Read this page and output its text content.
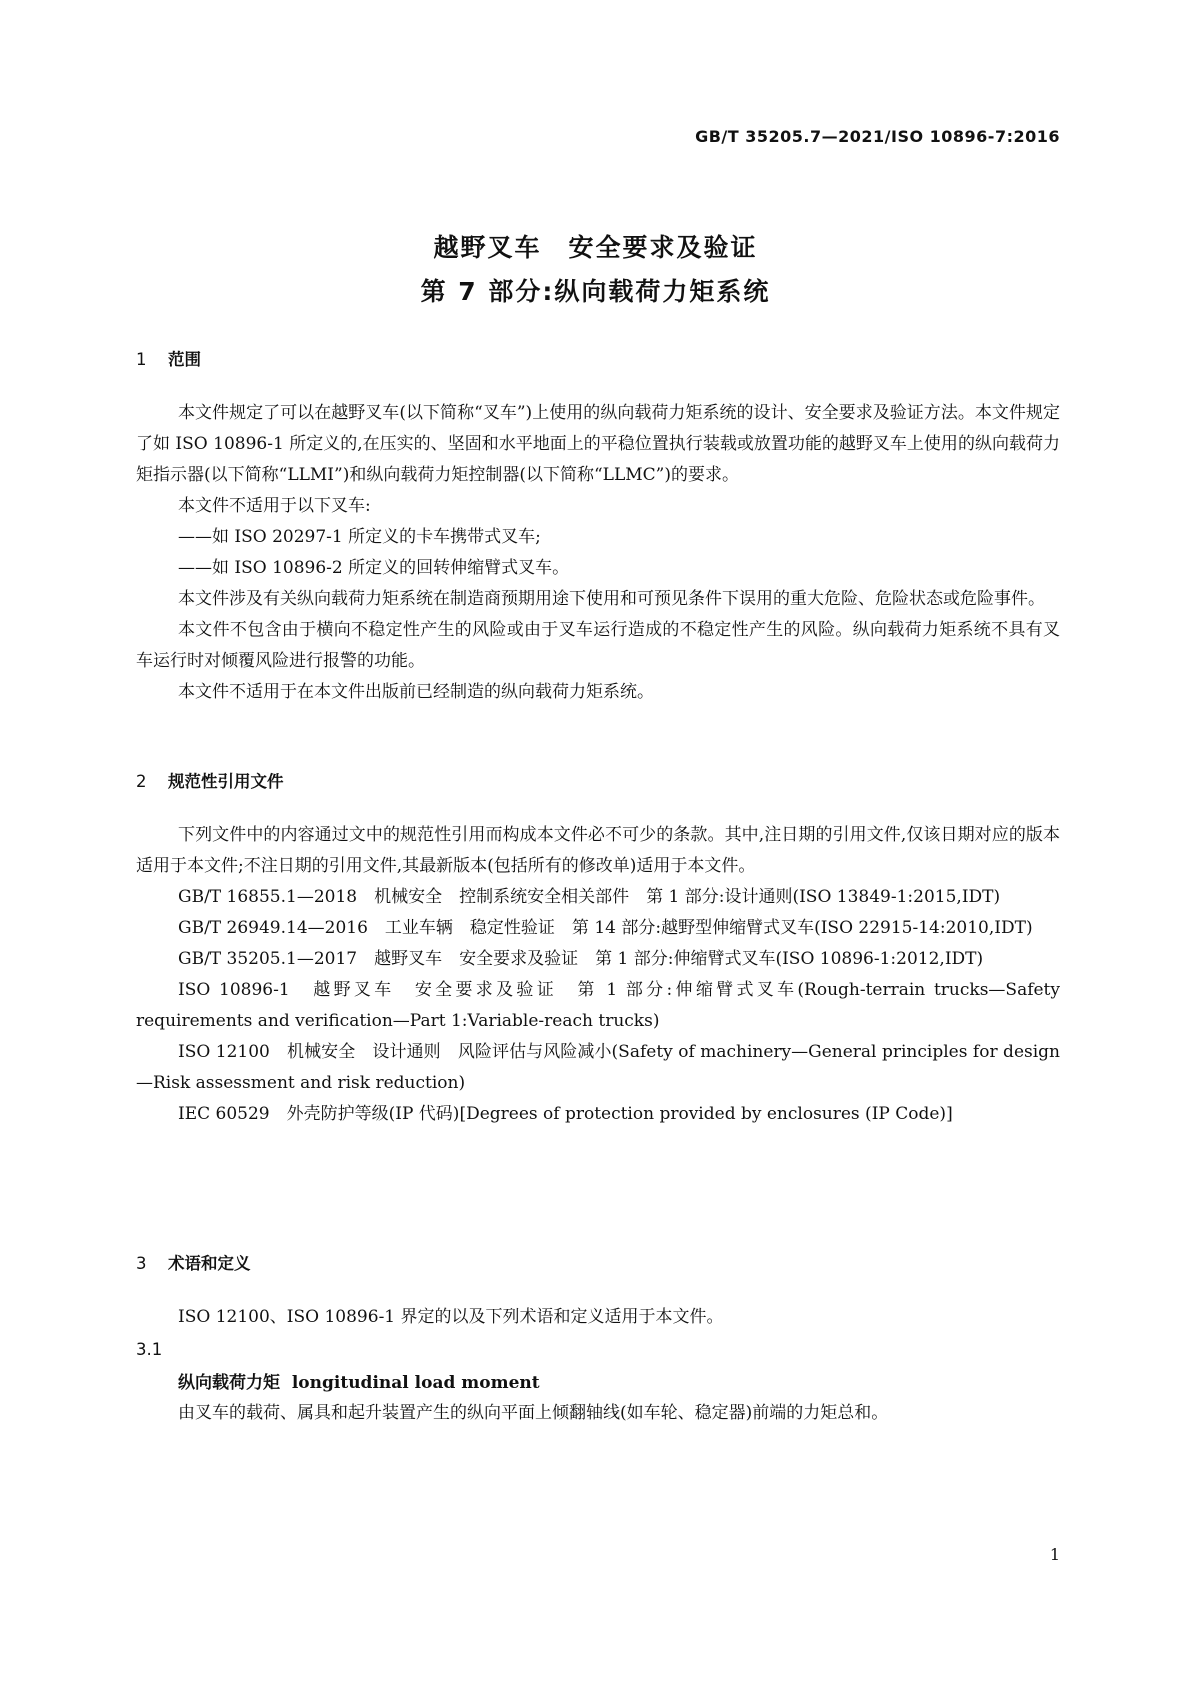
GB/T 35205.7—2021/ISO 10896-7:2016
越野叉车　安全要求及验证
第 7 部分:纵向载荷力矩系统
1 范围

本文件规定了可以在越野叉车(以下简称“叉车”)上使用的纵向载荷力矩系统的设计、安全要求及验证方法。本文件规定了如 ISO 10896-1 所定义的,在压实的、坚固和水平地面上的平稳位置执行装载或放置功能的越野叉车上使用的纵向载荷力矩指示器(以下简称“LLMI”)和纵向载荷力矩控制器(以下简称“LLMC”)的要求。

本文件不适用于以下叉车:

——如 ISO 20297-1 所定义的卡车携带式叉车;

——如 ISO 10896-2 所定义的回转伸缩臂式叉车。

本文件涉及有关纵向载荷力矩系统在制造商预期用途下使用和可预见条件下误用的重大危险、危险状态或危险事件。

本文件不包含由于横向不稳定性产生的风险或由于叉车运行造成的不稳定性产生的风险。纵向载荷力矩系统不具有叉车运行时对倾覆风险进行报警的功能。

本文件不适用于在本文件出版前已经制造的纵向载荷力矩系统。

2 规范性引用文件

下列文件中的内容通过文中的规范性引用而构成本文件必不可少的条款。其中,注日期的引用文件,仅该日期对应的版本适用于本文件;不注日期的引用文件,其最新版本(包括所有的修改单)适用于本文件。

GB/T 16855.1—2018　机械安全　控制系统安全相关部件　第 1 部分:设计通则(ISO 13849-1:2015,IDT)

GB/T 26949.14—2016　工业车辆　稳定性验证　第 14 部分:越野型伸缩臂式叉车(ISO 22915-14:2010,IDT)

GB/T 35205.1—2017　越野叉车　安全要求及验证　第 1 部分:伸缩臂式叉车(ISO 10896-1:2012,IDT)

ISO 10896-1　越野叉车　安全要求及验证　第 1 部分:伸缩臂式叉车(Rough-terrain trucks—Safety requirements and verification—Part 1:Variable-reach trucks)

ISO 12100　机械安全　设计通则　风险评估与风险减小(Safety of machinery—General principles for design—Risk assessment and risk reduction)

IEC 60529　外壳防护等级(IP 代码)[Degrees of protection provided by enclosures (IP Code)]

3 术语和定义

ISO 12100、ISO 10896-1 界定的以及下列术语和定义适用于本文件。

3.1
纵向载荷力矩 longitudinal load moment
由叉车的载荷、属具和起升装置产生的纵向平面上倾翻轴线(如车轮、稳定器)前端的力矩总和。
1
